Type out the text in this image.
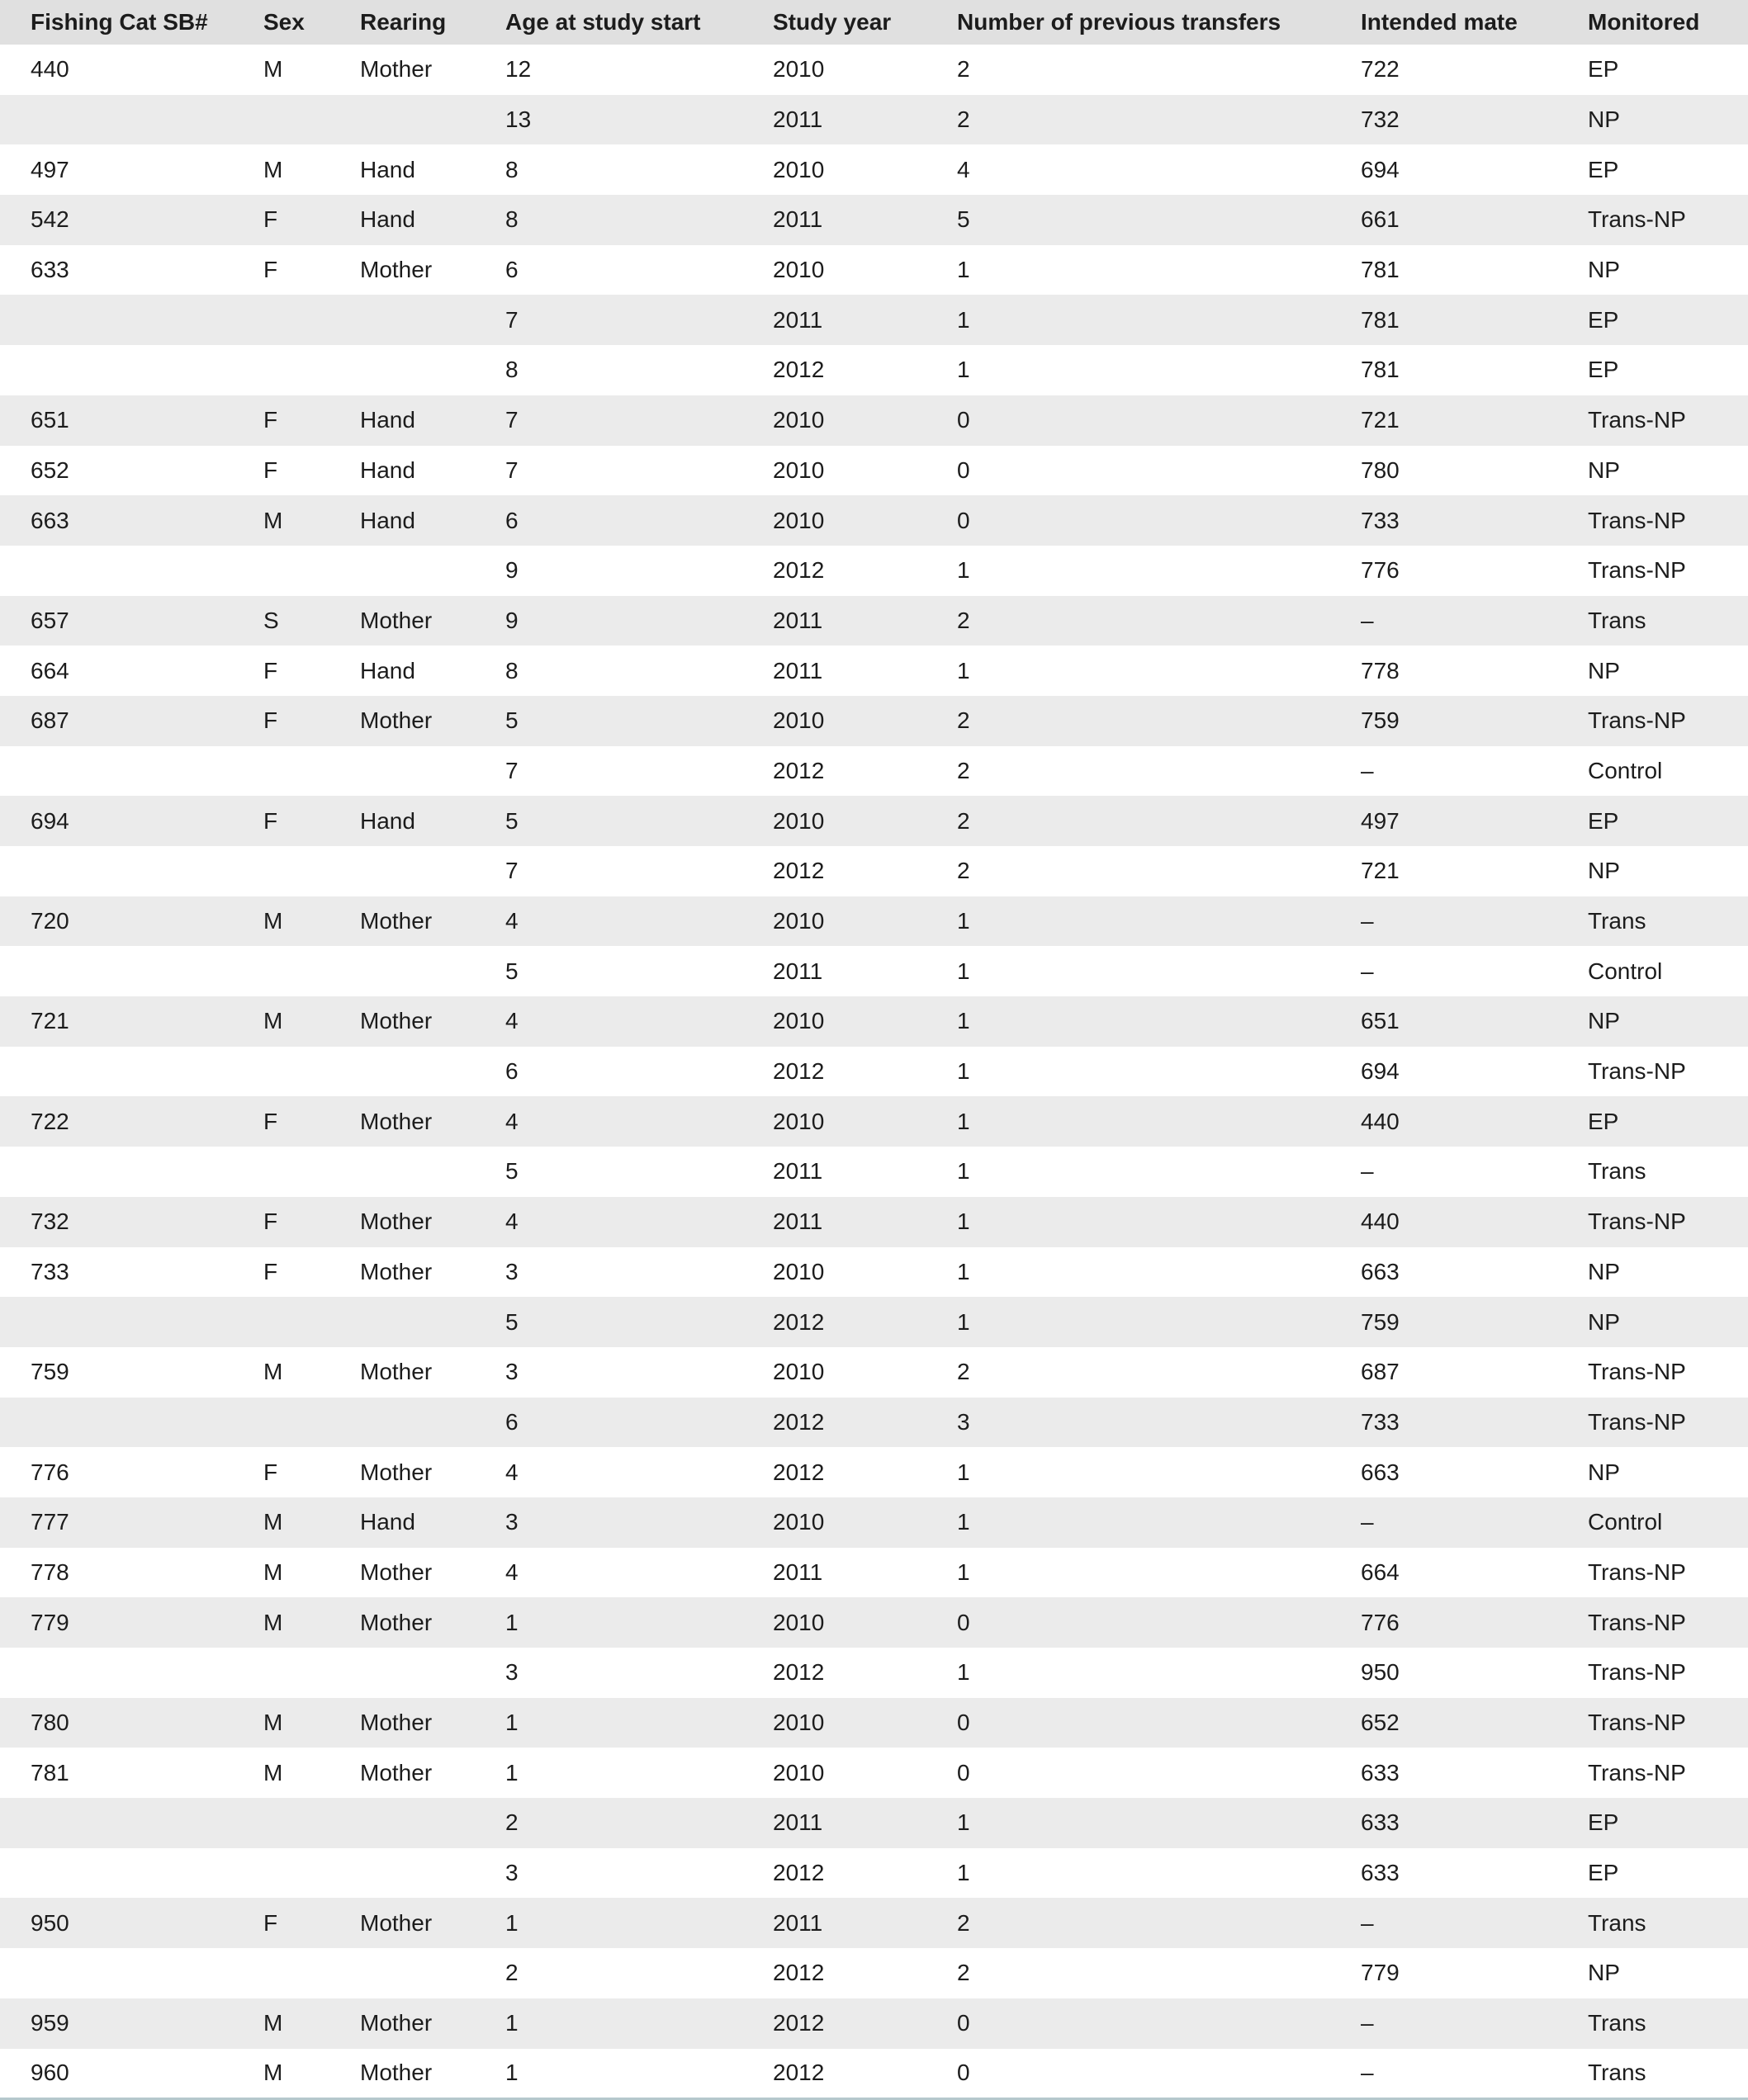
Fishing Cat SB#	Sex	Rearing	Age at study start	Study year	Number of previous transfers	Intended mate	Monitored
440	M	Mother	12	2010	2	722	EP
			13	2011	2	732	NP
497	M	Hand	8	2010	4	694	EP
542	F	Hand	8	2011	5	661	Trans-NP
633	F	Mother	6	2010	1	781	NP
			7	2011	1	781	EP
			8	2012	1	781	EP
651	F	Hand	7	2010	0	721	Trans-NP
652	F	Hand	7	2010	0	780	NP
663	M	Hand	6	2010	0	733	Trans-NP
			9	2012	1	776	Trans-NP
657	S	Mother	9	2011	2	–	Trans
664	F	Hand	8	2011	1	778	NP
687	F	Mother	5	2010	2	759	Trans-NP
			7	2012	2	–	Control
694	F	Hand	5	2010	2	497	EP
			7	2012	2	721	NP
720	M	Mother	4	2010	1	–	Trans
			5	2011	1	–	Control
721	M	Mother	4	2010	1	651	NP
			6	2012	1	694	Trans-NP
722	F	Mother	4	2010	1	440	EP
			5	2011	1	–	Trans
732	F	Mother	4	2011	1	440	Trans-NP
733	F	Mother	3	2010	1	663	NP
			5	2012	1	759	NP
759	M	Mother	3	2010	2	687	Trans-NP
			6	2012	3	733	Trans-NP
776	F	Mother	4	2012	1	663	NP
777	M	Hand	3	2010	1	–	Control
778	M	Mother	4	2011	1	664	Trans-NP
779	M	Mother	1	2010	0	776	Trans-NP
			3	2012	1	950	Trans-NP
780	M	Mother	1	2010	0	652	Trans-NP
781	M	Mother	1	2010	0	633	Trans-NP
			2	2011	1	633	EP
			3	2012	1	633	EP
950	F	Mother	1	2011	2	–	Trans
			2	2012	2	779	NP
959	M	Mother	1	2012	0	–	Trans
960	M	Mother	1	2012	0	–	Trans
